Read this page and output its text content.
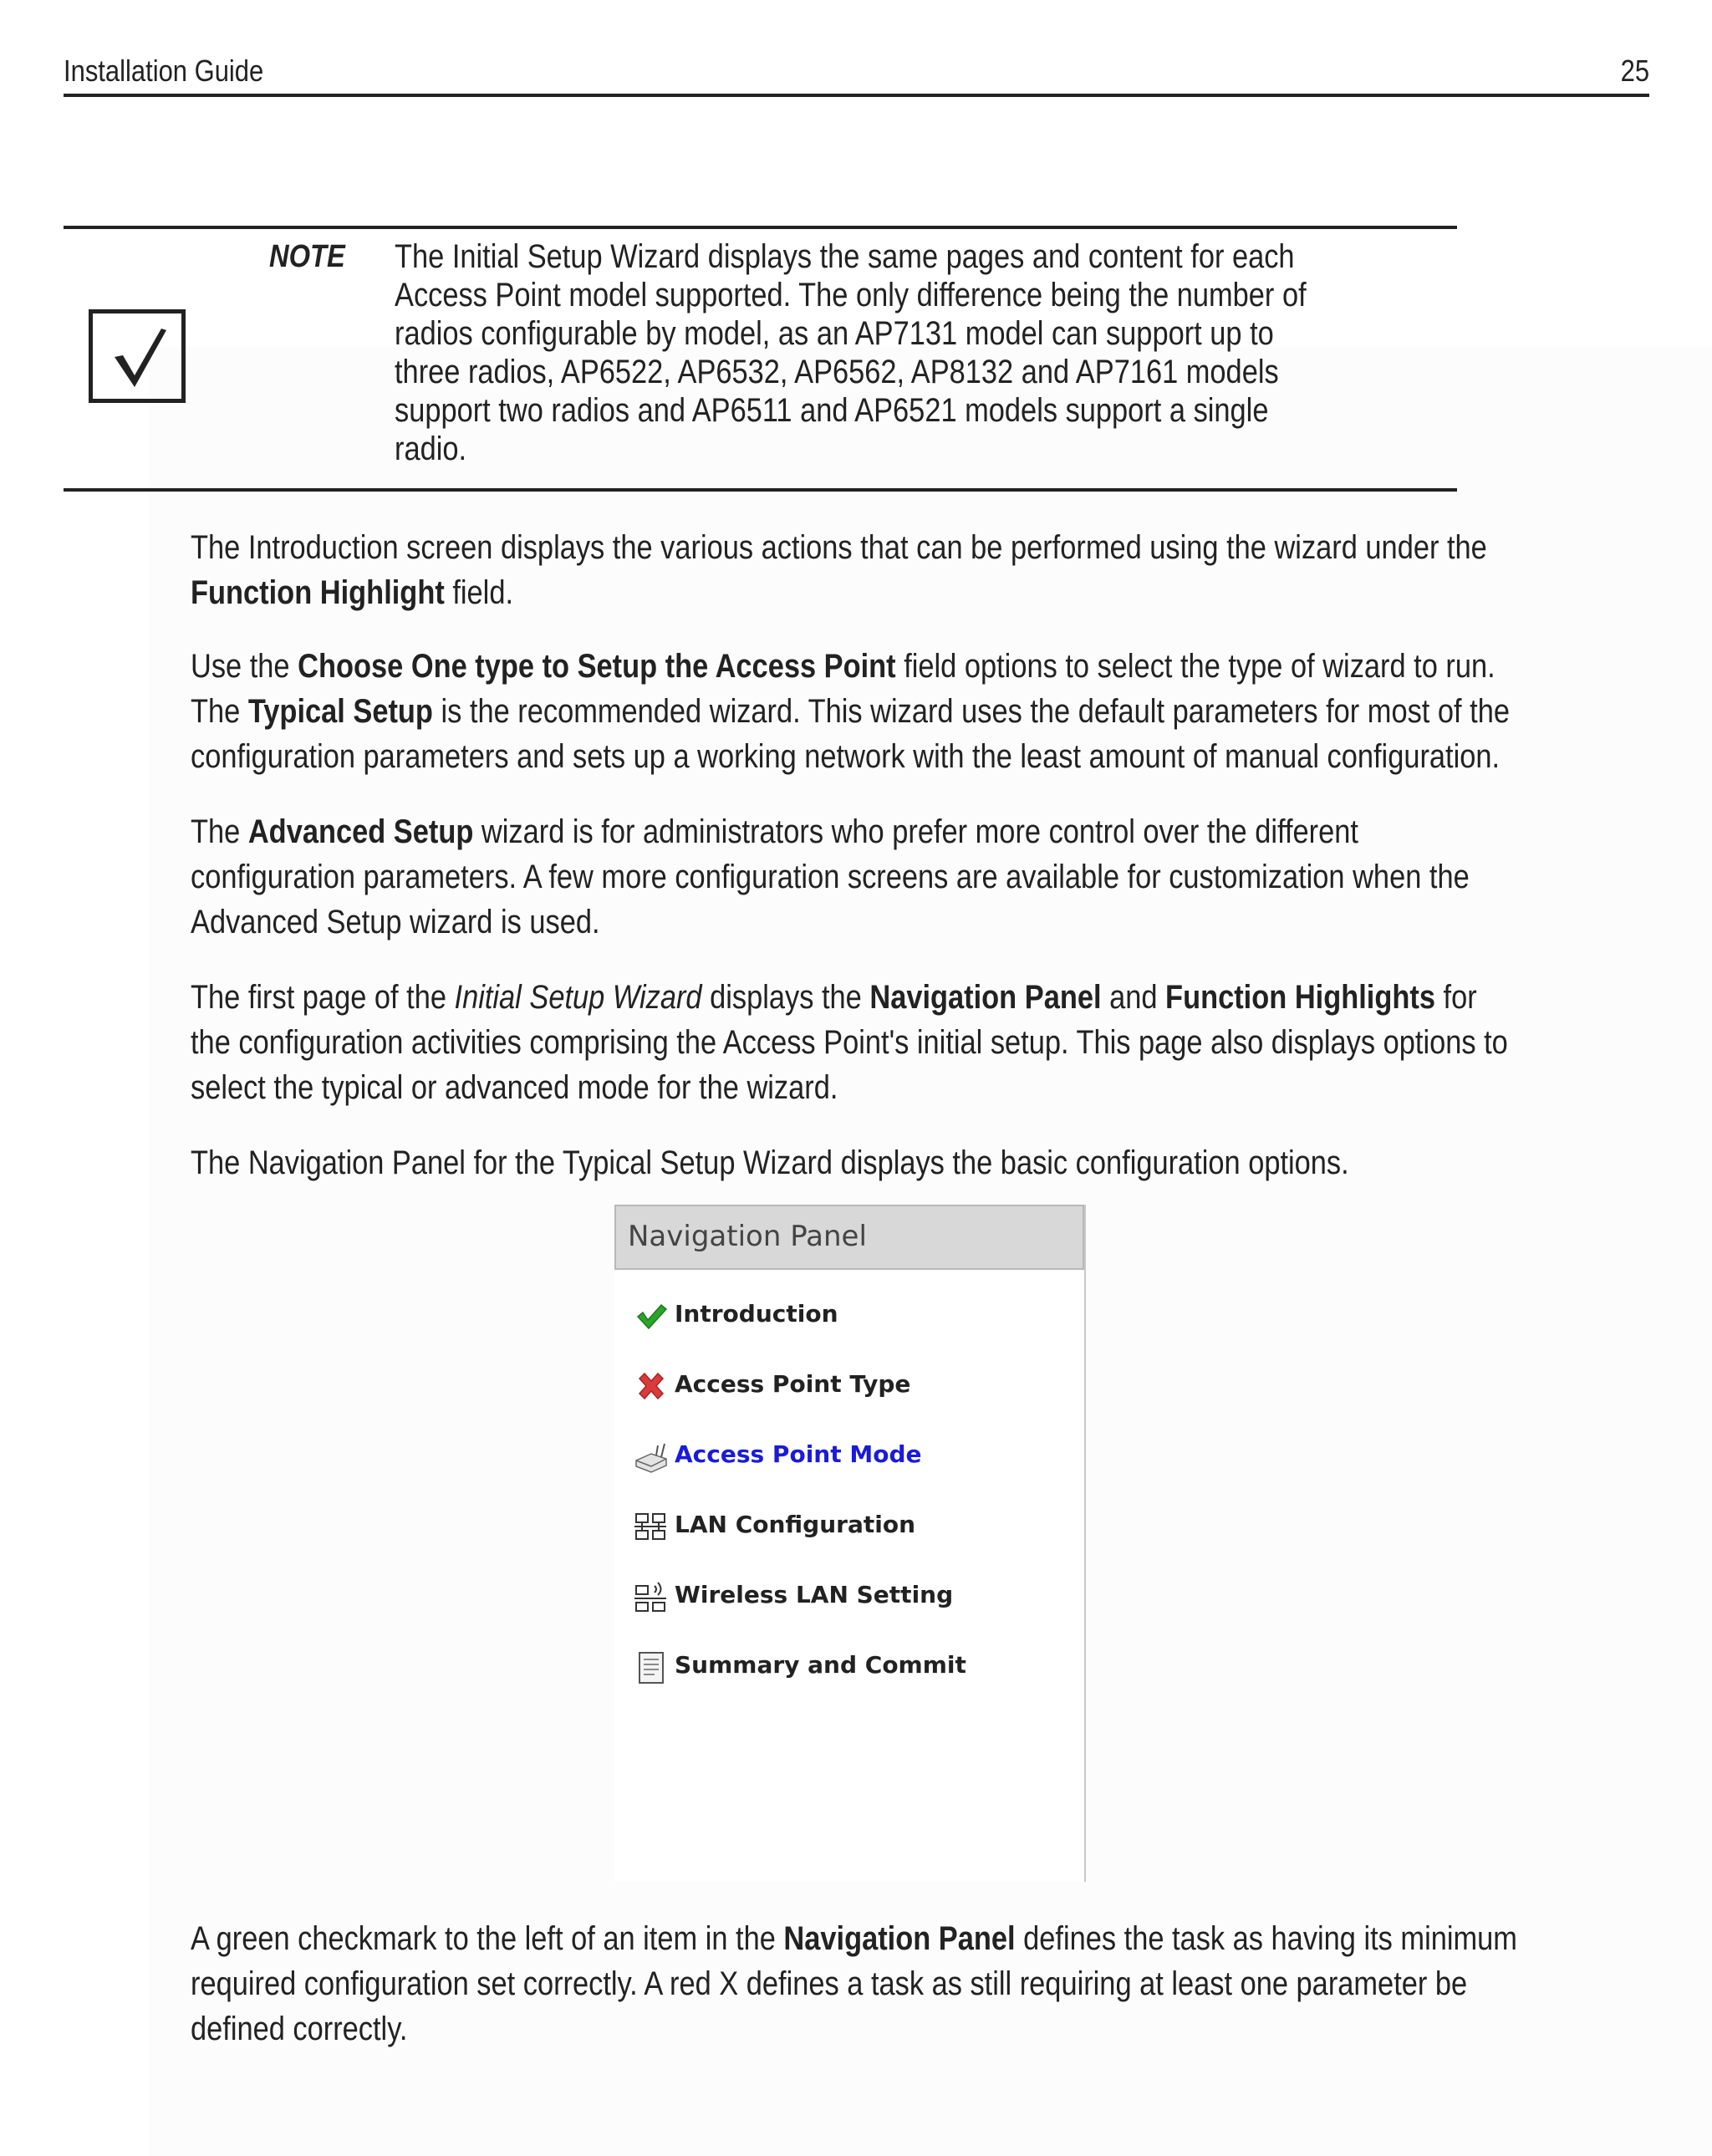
Installation Guide	25
NOTE The Initial Setup Wizard displays the same pages and content for each
Access Point model supported. The only difference being the number of
radios configurable by model, as an AP7131 model can support up to
three radios, AP6522, AP6532, AP6562, AP8132 and AP7161 models
support two radios and AP6511 and AP6521 models support a single
radio.
The Introduction screen displays the various actions that can be performed using the wizard under the
Function Highlight field.
Use the Choose One type to Setup the Access Point field options to select the type of wizard to run.
The Typical Setup is the recommended wizard. This wizard uses the default parameters for most of the
configuration parameters and sets up a working network with the least amount of manual configuration.
The Advanced Setup wizard is for administrators who prefer more control over the different
configuration parameters. A few more configuration screens are available for customization when the
Advanced Setup wizard is used.
The first page of the Initial Setup Wizard displays the Navigation Panel and Function Highlights for
the configuration activities comprising the Access Point's initial setup. This page also displays options to
select the typical or advanced mode for the wizard.
The Navigation Panel for the Typical Setup Wizard displays the basic configuration options.
Navigation Panel
Introduction
Access Point Type
Access Point Mode
LAN Configuration
Wireless LAN Setting
Summary and Commit
A green checkmark to the left of an item in the Navigation Panel defines the task as having its minimum
required configuration set correctly. A red X defines a task as still requiring at least one parameter be
defined correctly.
